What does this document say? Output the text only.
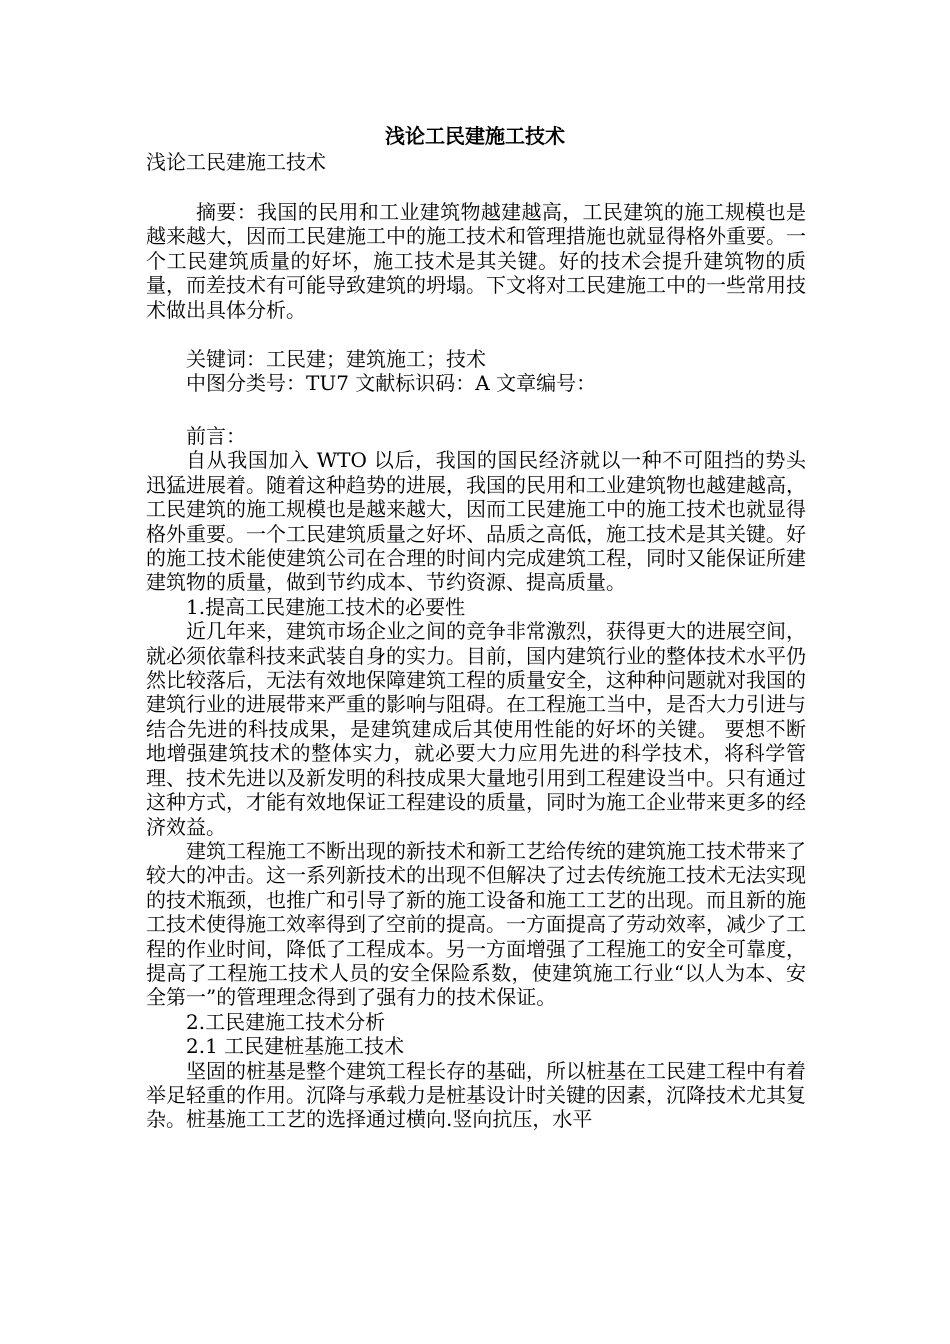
浅论工民建施工技术
浅论工民建施工技术

摘要：我国的民用和工业建筑物越建越高，工民建筑的施工规模也是越来越大，因而工民建施工中的施工技术和管理措施也就显得格外重要。一个工民建筑质量的好坏，施工技术是其关键。好的技术会提升建筑物的质量，而差技术有可能导致建筑的坍塌。下文将对工民建施工中的一些常用技术做出具体分析。

关键词：工民建；建筑施工；技术

中图分类号：TU7 文献标识码：A 文章编号：

前言：

自从我国加入 WTO 以后，我国的国民经济就以一种不可阻挡的势头迅猛进展着。随着这种趋势的进展，我国的民用和工业建筑物也越建越高，工民建筑的施工规模也是越来越大，因而工民建施工中的施工技术也就显得格外重要。一个工民建筑质量之好坏、品质之高低，施工技术是其关键。好的施工技术能使建筑公司在合理的时间内完成建筑工程，同时又能保证所建建筑物的质量，做到节约成本、节约资源、提高质量。

1.提高工民建施工技术的必要性

近几年来，建筑市场企业之间的竞争非常激烈，获得更大的进展空间，就必须依靠科技来武装自身的实力。目前，国内建筑行业的整体技术水平仍然比较落后，无法有效地保障建筑工程的质量安全，这种种问题就对我国的建筑行业的进展带来严重的影响与阻碍。在工程施工当中，是否大力引进与结合先进的科技成果，是建筑建成后其使用性能的好坏的关键。 要想不断地增强建筑技术的整体实力，就必要大力应用先进的科学技术，将科学管理、技术先进以及新发明的科技成果大量地引用到工程建设当中。只有通过这种方式，才能有效地保证工程建设的质量，同时为施工企业带来更多的经济效益。

建筑工程施工不断出现的新技术和新工艺给传统的建筑施工技术带来了较大的冲击。这一系列新技术的出现不但解决了过去传统施工技术无法实现的技术瓶颈，也推广和引导了新的施工设备和施工工艺的出现。而且新的施工技术使得施工效率得到了空前的提高。一方面提高了劳动效率，减少了工程的作业时间，降低了工程成本。另一方面增强了工程施工的安全可靠度，提高了工程施工技术人员的安全保险系数，使建筑施工行业“以人为本、安全第一”的管理理念得到了强有力的技术保证。

2.工民建施工技术分析

2.1 工民建桩基施工技术

坚固的桩基是整个建筑工程长存的基础，所以桩基在工民建工程中有着举足轻重的作用。沉降与承载力是桩基设计时关键的因素，沉降技术尤其复杂。桩基施工工艺的选择通过横向.竖向抗压，水平
